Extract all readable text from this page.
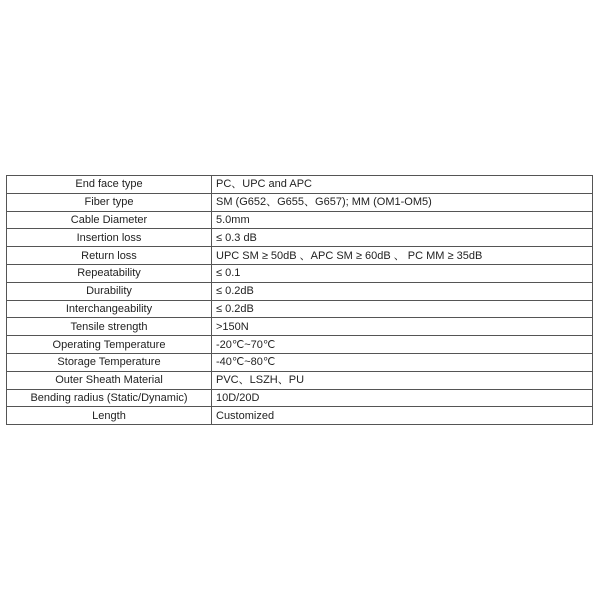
End face type	PC、UPC and APC
Fiber type	SM (G652、G655、G657); MM (OM1-OM5)
Cable Diameter	5.0mm
Insertion loss	≤ 0.3 dB
Return loss	UPC SM ≥ 50dB 、APC SM ≥ 60dB 、 PC MM ≥ 35dB
Repeatability	≤ 0.1
Durability	≤ 0.2dB
Interchangeability	≤ 0.2dB
Tensile strength	>150N
Operating Temperature	-20℃~70℃
Storage Temperature	-40℃~80℃
Outer Sheath Material	PVC、LSZH、PU
Bending radius (Static/Dynamic)	10D/20D
Length	Customized
